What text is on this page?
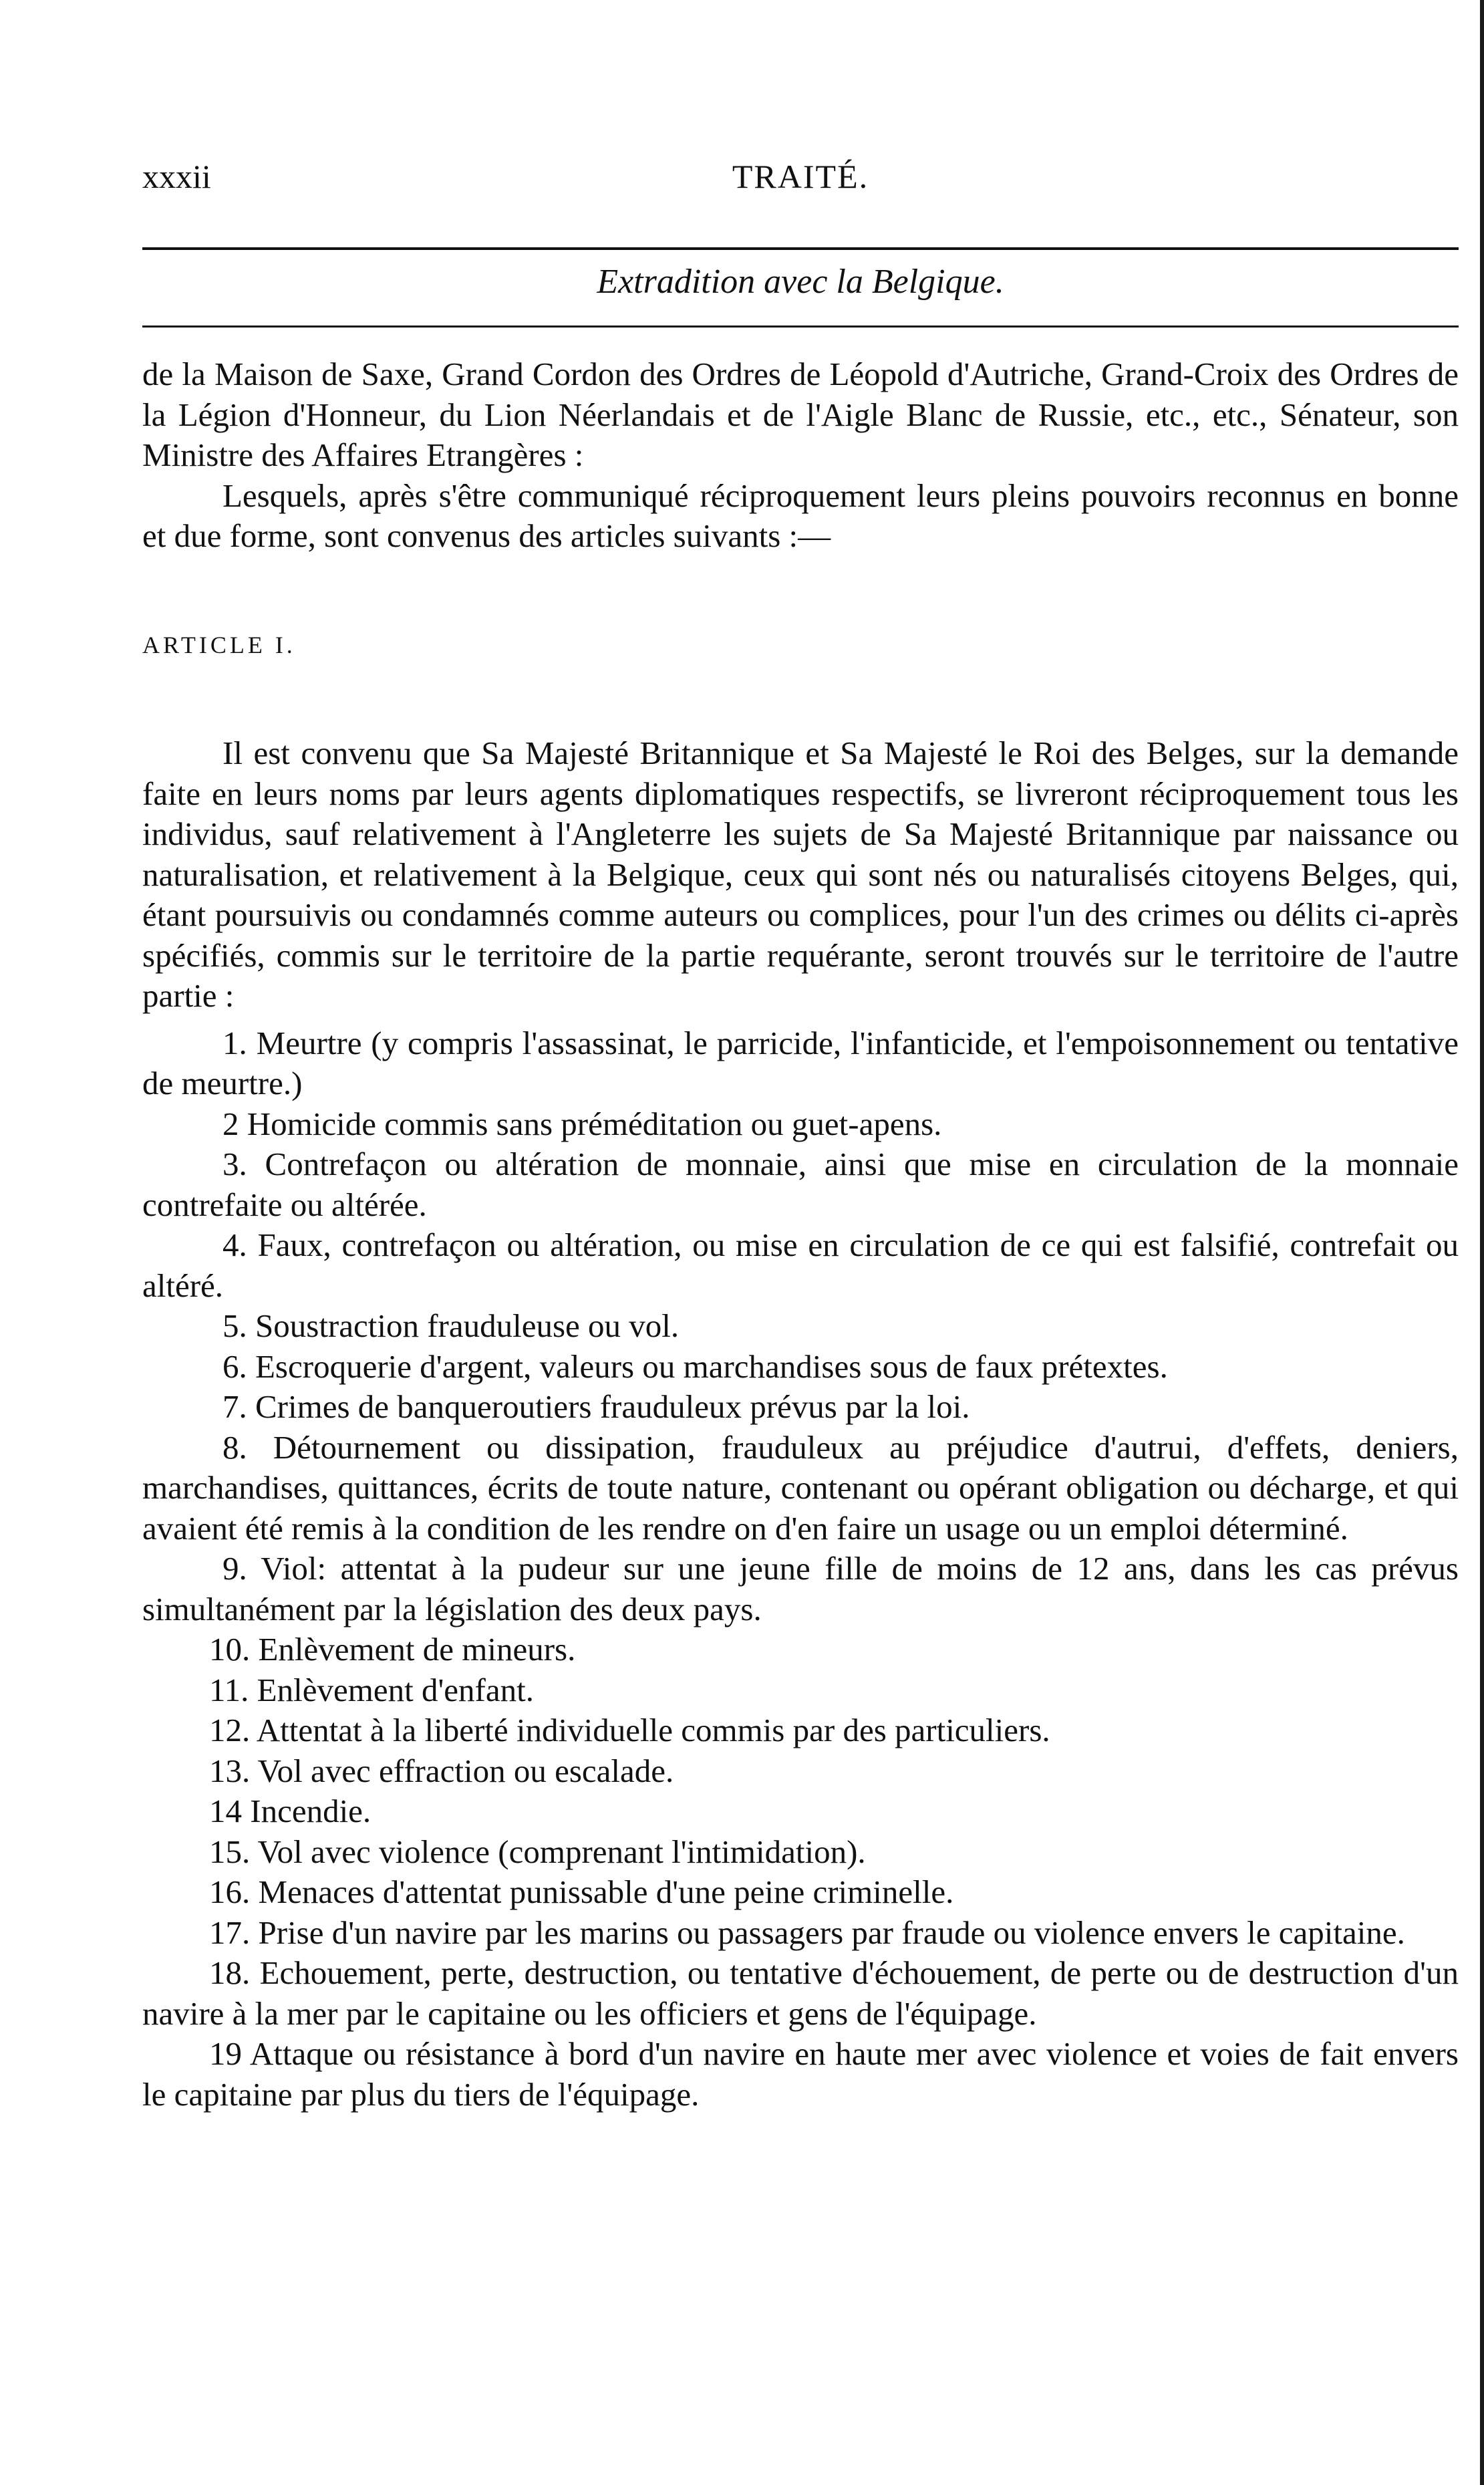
xxxii	TRAITÉ.
Extradition avec la Belgique.

de la Maison de Saxe, Grand Cordon des Ordres de Léopold d'Autriche, Grand-Croix des Ordres de la Légion d'Honneur, du Lion Néerlandais et de l'Aigle Blanc de Russie, etc., etc., Sénateur, son Ministre des Affaires Etrangères :

Lesquels, après s'être communiqué réciproquement leurs pleins pouvoirs reconnus en bonne et due forme, sont convenus des articles suivants :—

ARTICLE I.

Il est convenu que Sa Majesté Britannique et Sa Majesté le Roi des Belges, sur la demande faite en leurs noms par leurs agents diplomatiques respectifs, se livreront réciproquement tous les individus, sauf relativement à l'Angleterre les sujets de Sa Majesté Britannique par naissance ou naturalisation, et relativement à la Belgique, ceux qui sont nés ou naturalisés citoyens Belges, qui, étant poursuivis ou condamnés comme auteurs ou complices, pour l'un des crimes ou délits ci-après spécifiés, commis sur le territoire de la partie requérante, seront trouvés sur le territoire de l'autre partie :

1. Meurtre (y compris l'assassinat, le parricide, l'infanticide, et l'empoisonnement ou tentative de meurtre.)

2 Homicide commis sans préméditation ou guet-apens.

3. Contrefaçon ou altération de monnaie, ainsi que mise en circulation de la monnaie contrefaite ou altérée.

4. Faux, contrefaçon ou altération, ou mise en circulation de ce qui est falsifié, contrefait ou altéré.

5. Soustraction frauduleuse ou vol.

6. Escroquerie d'argent, valeurs ou marchandises sous de faux prétextes.

7. Crimes de banqueroutiers frauduleux prévus par la loi.

8. Détournement ou dissipation, frauduleux au préjudice d'autrui, d'effets, deniers, marchandises, quittances, écrits de toute nature, contenant ou opérant obligation ou décharge, et qui avaient été remis à la condition de les rendre on d'en faire un usage ou un emploi déterminé.

9. Viol: attentat à la pudeur sur une jeune fille de moins de 12 ans, dans les cas prévus simultanément par la législation des deux pays.

10. Enlèvement de mineurs.

11. Enlèvement d'enfant.

12. Attentat à la liberté individuelle commis par des particuliers.

13. Vol avec effraction ou escalade.

14 Incendie.

15. Vol avec violence (comprenant l'intimidation).

16. Menaces d'attentat punissable d'une peine criminelle.

17. Prise d'un navire par les marins ou passagers par fraude ou violence envers le capitaine.

18. Echouement, perte, destruction, ou tentative d'échouement, de perte ou de destruction d'un navire à la mer par le capitaine ou les officiers et gens de l'équipage.

19 Attaque ou résistance à bord d'un navire en haute mer avec violence et voies de fait envers le capitaine par plus du tiers de l'équipage.
